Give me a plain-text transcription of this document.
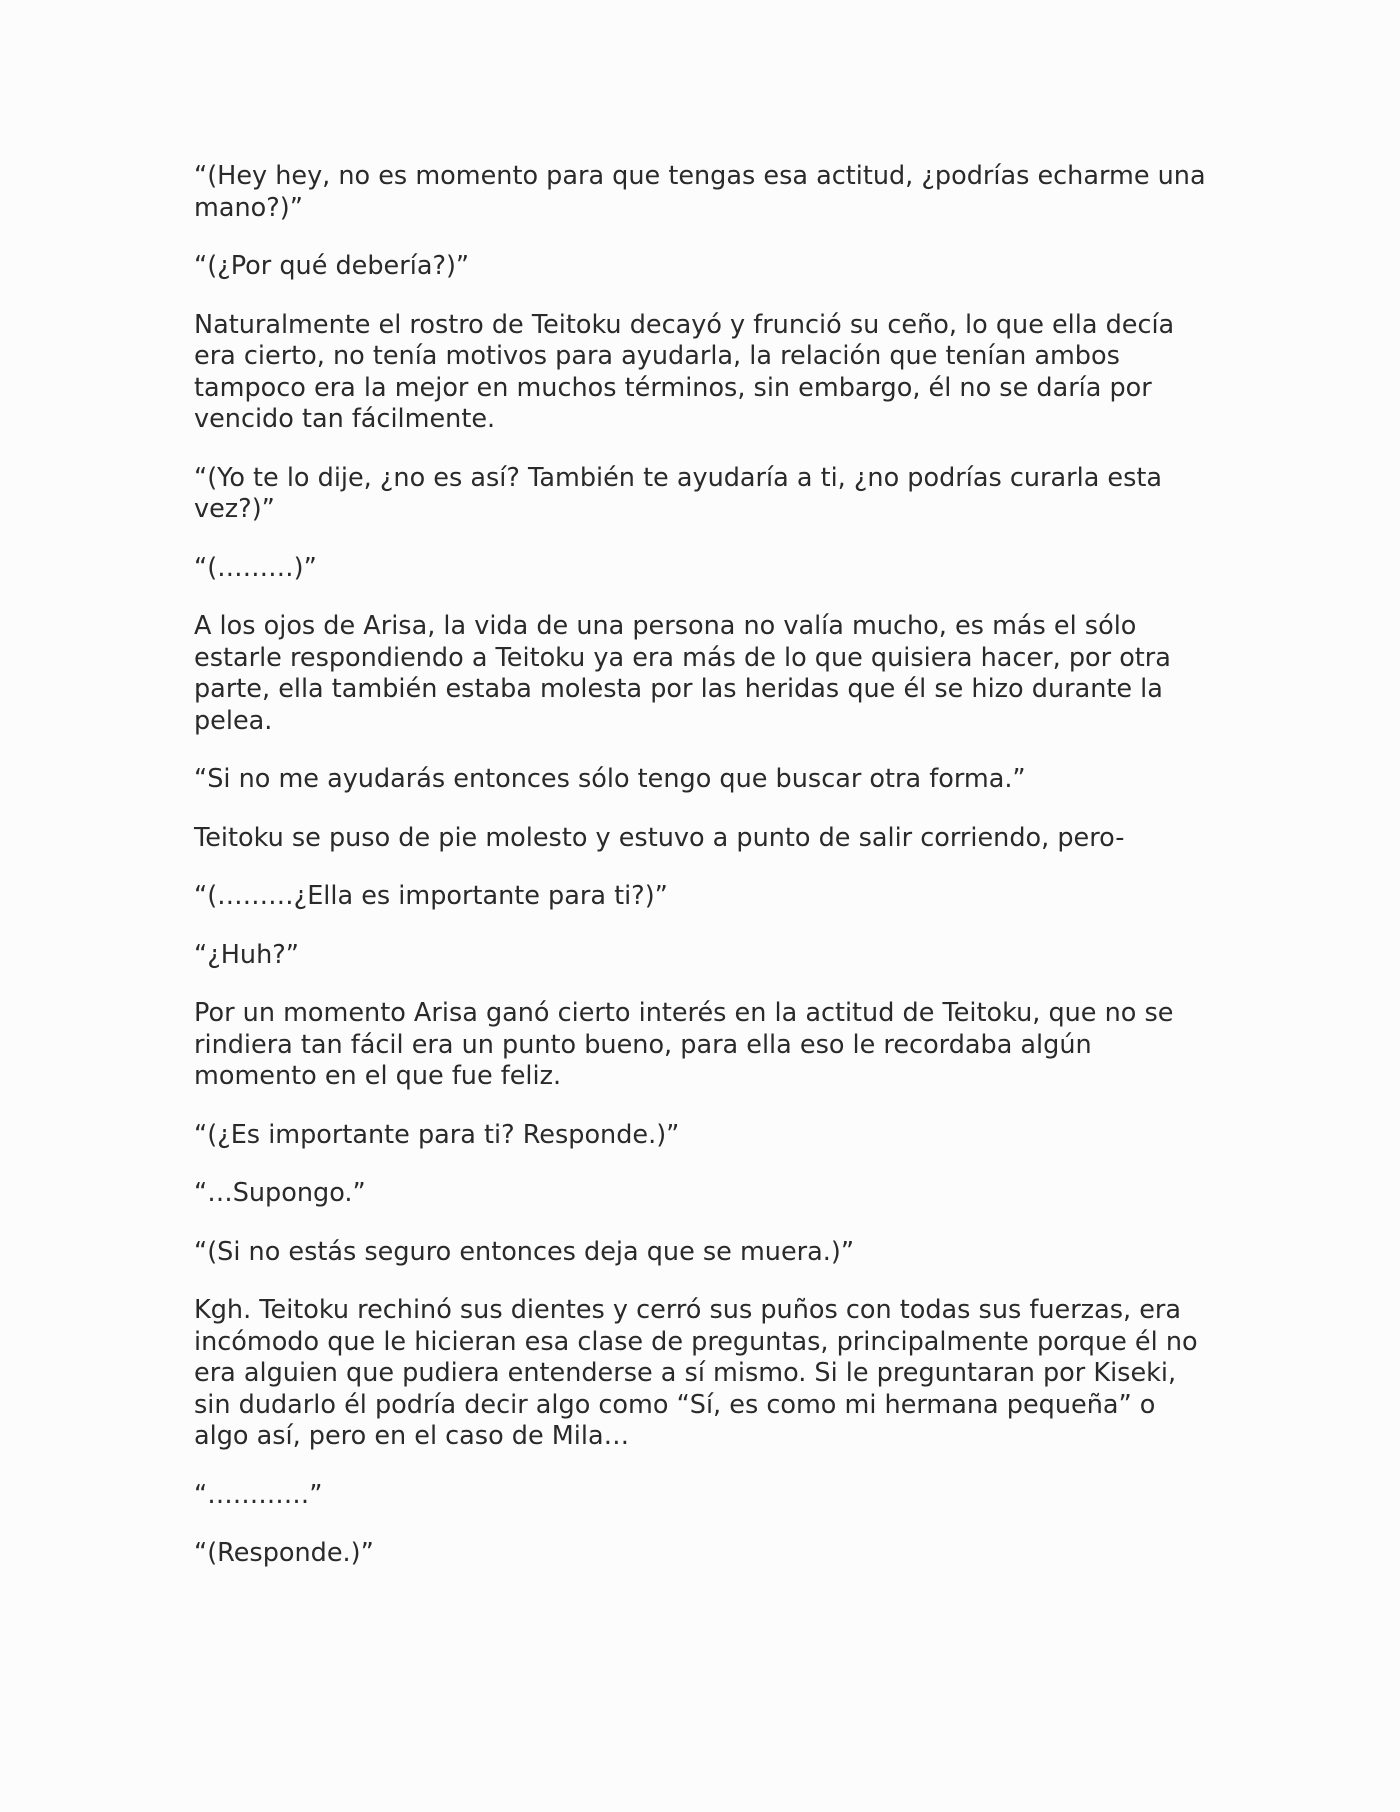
“(Hey hey, no es momento para que tengas esa actitud, ¿podrías echarme una mano?)”

“(¿Por qué debería?)”

Naturalmente el rostro de Teitoku decayó y frunció su ceño, lo que ella decía era cierto, no tenía motivos para ayudarla, la relación que tenían ambos tampoco era la mejor en muchos términos, sin embargo, él no se daría por vencido tan fácilmente.

“(Yo te lo dije, ¿no es así? También te ayudaría a ti, ¿no podrías curarla esta vez?)”

“(………)”

A los ojos de Arisa, la vida de una persona no valía mucho, es más el sólo estarle respondiendo a Teitoku ya era más de lo que quisiera hacer, por otra parte, ella también estaba molesta por las heridas que él se hizo durante la pelea.

“Si no me ayudarás entonces sólo tengo que buscar otra forma.”

Teitoku se puso de pie molesto y estuvo a punto de salir corriendo, pero-

“(………¿Ella es importante para ti?)”

“¿Huh?”

Por un momento Arisa ganó cierto interés en la actitud de Teitoku, que no se rindiera tan fácil era un punto bueno, para ella eso le recordaba algún momento en el que fue feliz.

“(¿Es importante para ti? Responde.)”

“…Supongo.”

“(Si no estás seguro entonces deja que se muera.)”

Kgh. Teitoku rechinó sus dientes y cerró sus puños con todas sus fuerzas, era incómodo que le hicieran esa clase de preguntas, principalmente porque él no era alguien que pudiera entenderse a sí mismo. Si le preguntaran por Kiseki, sin dudarlo él podría decir algo como “Sí, es como mi hermana pequeña” o algo así, pero en el caso de Mila…

“…………”

“(Responde.)”
